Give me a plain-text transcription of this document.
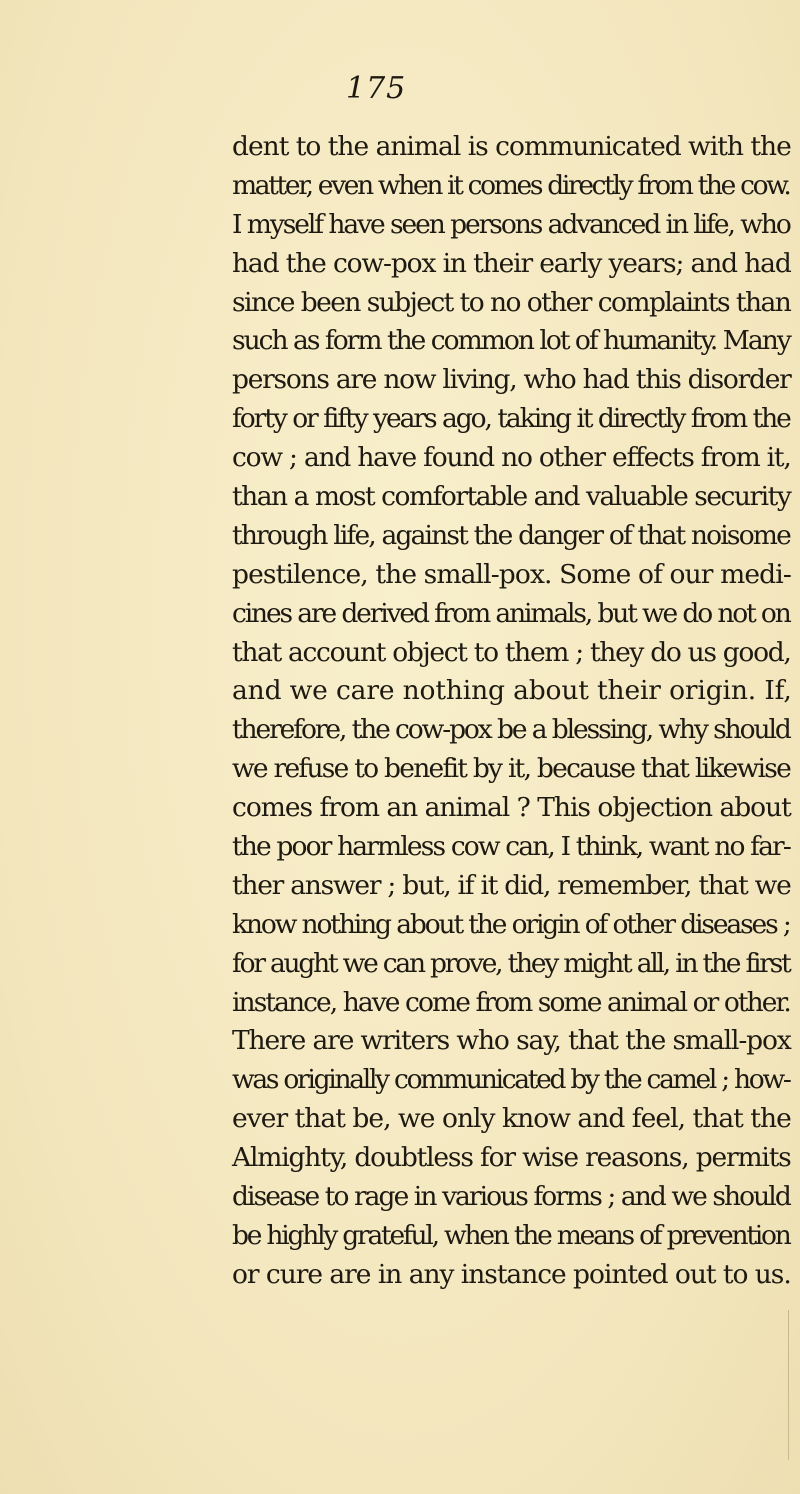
175
dent to the animal is communicated with the
matter, even when it comes directly from the cow.
I myself have seen persons advanced in life, who
had the cow-pox in their early years; and had
since been subject to no other complaints than
such as form the common lot of humanity. Many
persons are now living, who had this disorder
forty or fifty years ago, taking it directly from the
cow ; and have found no other effects from it,
than a most comfortable and valuable security
through life, against the danger of that noisome
pestilence, the small-pox. Some of our medi-
cines are derived from animals, but we do not on
that account object to them ; they do us good,
and we care nothing about their origin. If,
therefore, the cow-pox be a blessing, why should
we refuse to benefit by it, because that likewise
comes from an animal ? This objection about
the poor harmless cow can, I think, want no far-
ther answer ; but, if it did, remember, that we
know nothing about the origin of other diseases ;
for aught we can prove, they might all, in the first
instance, have come from some animal or other.
There are writers who say, that the small-pox
was originally communicated by the camel ; how-
ever that be, we only know and feel, that the
Almighty, doubtless for wise reasons, permits
disease to rage in various forms ; and we should
be highly grateful, when the means of prevention
or cure are in any instance pointed out to us.
